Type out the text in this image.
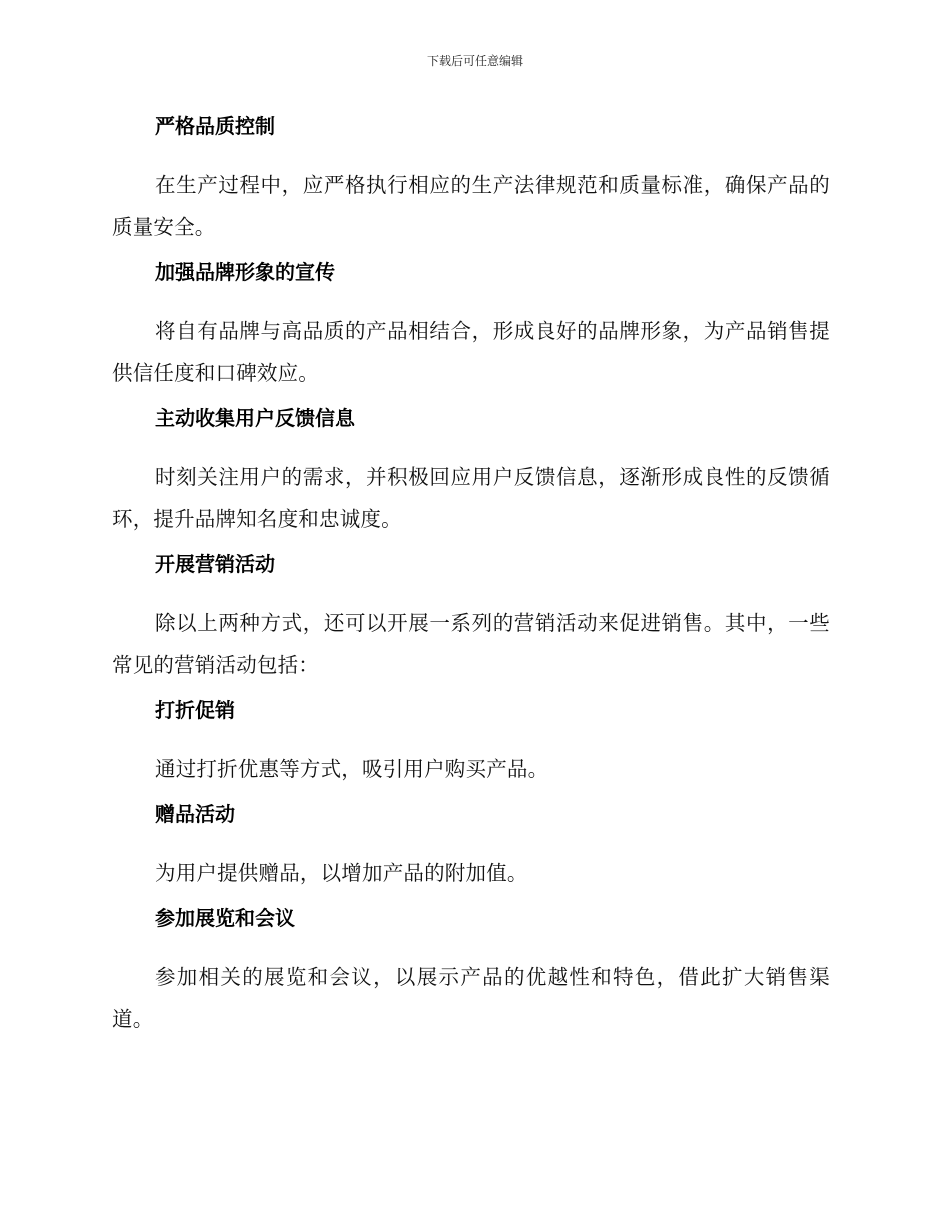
下载后可任意编辑
严格品质控制
在生产过程中，应严格执行相应的生产法律规范和质量标准，确保产品的质量安全。
加强品牌形象的宣传
将自有品牌与高品质的产品相结合，形成良好的品牌形象，为产品销售提供信任度和口碑效应。
主动收集用户反馈信息
时刻关注用户的需求，并积极回应用户反馈信息，逐渐形成良性的反馈循环，提升品牌知名度和忠诚度。
开展营销活动
除以上两种方式，还可以开展一系列的营销活动来促进销售。其中，一些常见的营销活动包括：
打折促销
通过打折优惠等方式，吸引用户购买产品。
赠品活动
为用户提供赠品，以增加产品的附加值。
参加展览和会议
参加相关的展览和会议，以展示产品的优越性和特色，借此扩大销售渠道。
